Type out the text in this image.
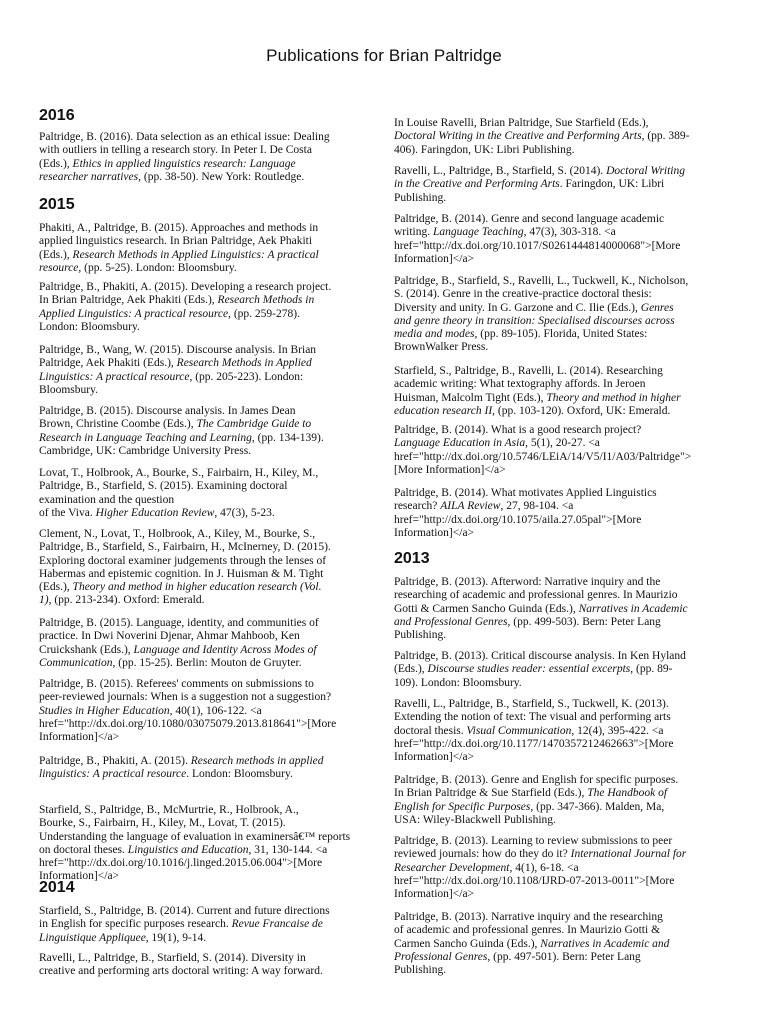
Publications for Brian Paltridge
2016
Paltridge, B. (2016). Data selection as an ethical issue: Dealing
with outliers in telling a research story. In Peter I. De Costa
(Eds.), Ethics in applied linguistics research: Language
researcher narratives, (pp. 38-50). New York: Routledge.
2015
Phakiti, A., Paltridge, B. (2015). Approaches and methods in
applied linguistics research. In Brian Paltridge, Aek Phakiti
(Eds.), Research Methods in Applied Linguistics: A practical
resource, (pp. 5-25). London: Bloomsbury.
Paltridge, B., Phakiti, A. (2015). Developing a research project.
In Brian Paltridge, Aek Phakiti (Eds.), Research Methods in
Applied Linguistics: A practical resource, (pp. 259-278).
London: Bloomsbury.
Paltridge, B., Wang, W. (2015). Discourse analysis. In Brian
Paltridge, Aek Phakiti (Eds.), Research Methods in Applied
Linguistics: A practical resource, (pp. 205-223). London:
Bloomsbury.
Paltridge, B. (2015). Discourse analysis. In James Dean
Brown, Christine Coombe (Eds.), The Cambridge Guide to
Research in Language Teaching and Learning, (pp. 134-139).
Cambridge, UK: Cambridge University Press.
Lovat, T., Holbrook, A., Bourke, S., Fairbairn, H., Kiley, M.,
Paltridge, B., Starfield, S. (2015). Examining doctoral
examination and the question
of the Viva. Higher Education Review, 47(3), 5-23.
Clement, N., Lovat, T., Holbrook, A., Kiley, M., Bourke, S.,
Paltridge, B., Starfield, S., Fairbairn, H., McInerney, D. (2015).
Exploring doctoral examiner judgements through the lenses of
Habermas and epistemic cognition. In J. Huisman & M. Tight
(Eds.), Theory and method in higher education research (Vol.
1), (pp. 213-234). Oxford: Emerald.
Paltridge, B. (2015). Language, identity, and communities of
practice. In Dwi Noverini Djenar, Ahmar Mahboob, Ken
Cruickshank (Eds.), Language and Identity Across Modes of
Communication, (pp. 15-25). Berlin: Mouton de Gruyter.
Paltridge, B. (2015). Referees' comments on submissions to
peer-reviewed journals: When is a suggestion not a suggestion?
Studies in Higher Education, 40(1), 106-122. <a
href="http://dx.doi.org/10.1080/03075079.2013.818641">[More
Information]</a>
Paltridge, B., Phakiti, A. (2015). Research methods in applied
linguistics: A practical resource. London: Bloomsbury.
Starfield, S., Paltridge, B., McMurtrie, R., Holbrook, A.,
Bourke, S., Fairbairn, H., Kiley, M., Lovat, T. (2015).
Understanding the language of evaluation in examinersâ€™ reports
on doctoral theses. Linguistics and Education, 31, 130-144. <a
href="http://dx.doi.org/10.1016/j.linged.2015.06.004">[More
Information]</a>
2014
Starfield, S., Paltridge, B. (2014). Current and future directions
in English for specific purposes research. Revue Francaise de
Linguistique Appliquee, 19(1), 9-14.
Ravelli, L., Paltridge, B., Starfield, S. (2014). Diversity in
creative and performing arts doctoral writing: A way forward.
In Louise Ravelli, Brian Paltridge, Sue Starfield (Eds.),
Doctoral Writing in the Creative and Performing Arts, (pp. 389-
406). Faringdon, UK: Libri Publishing.
Ravelli, L., Paltridge, B., Starfield, S. (2014). Doctoral Writing
in the Creative and Performing Arts. Faringdon, UK: Libri
Publishing.
Paltridge, B. (2014). Genre and second language academic
writing. Language Teaching, 47(3), 303-318. <a
href="http://dx.doi.org/10.1017/S0261444814000068">[More
Information]</a>
Paltridge, B., Starfield, S., Ravelli, L., Tuckwell, K., Nicholson,
S. (2014). Genre in the creative-practice doctoral thesis:
Diversity and unity. In G. Garzone and C. Ilie (Eds.), Genres
and genre theory in transition: Specialised discourses across
media and modes, (pp. 89-105). Florida, United States:
BrownWalker Press.
Starfield, S., Paltridge, B., Ravelli, L. (2014). Researching
academic writing: What textography affords. In Jeroen
Huisman, Malcolm Tight (Eds.), Theory and method in higher
education research II, (pp. 103-120). Oxford, UK: Emerald.
Paltridge, B. (2014). What is a good research project?
Language Education in Asia, 5(1), 20-27. <a
href="http://dx.doi.org/10.5746/LEiA/14/V5/I1/A03/Paltridge">
[More Information]</a>
Paltridge, B. (2014). What motivates Applied Linguistics
research? AILA Review, 27, 98-104. <a
href="http://dx.doi.org/10.1075/aila.27.05pal">[More
Information]</a>
2013
Paltridge, B. (2013). Afterword: Narrative inquiry and the
researching of academic and professional genres. In Maurizio
Gotti & Carmen Sancho Guinda (Eds.), Narratives in Academic
and Professional Genres, (pp. 499-503). Bern: Peter Lang
Publishing.
Paltridge, B. (2013). Critical discourse analysis. In Ken Hyland
(Eds.), Discourse studies reader: essential excerpts, (pp. 89-
109). London: Bloomsbury.
Ravelli, L., Paltridge, B., Starfield, S., Tuckwell, K. (2013).
Extending the notion of text: The visual and performing arts
doctoral thesis. Visual Communication, 12(4), 395-422. <a
href="http://dx.doi.org/10.1177/1470357212462663">[More
Information]</a>
Paltridge, B. (2013). Genre and English for specific purposes.
In Brian Paltridge & Sue Starfield (Eds.), The Handbook of
English for Specific Purposes, (pp. 347-366). Malden, Ma,
USA: Wiley-Blackwell Publishing.
Paltridge, B. (2013). Learning to review submissions to peer
reviewed journals: how do they do it? International Journal for
Researcher Development, 4(1), 6-18. <a
href="http://dx.doi.org/10.1108/IJRD-07-2013-0011">[More
Information]</a>
Paltridge, B. (2013). Narrative inquiry and the researching
of academic and professional genres. In Maurizio Gotti &
Carmen Sancho Guinda (Eds.), Narratives in Academic and
Professional Genres, (pp. 497-501). Bern: Peter Lang
Publishing.
